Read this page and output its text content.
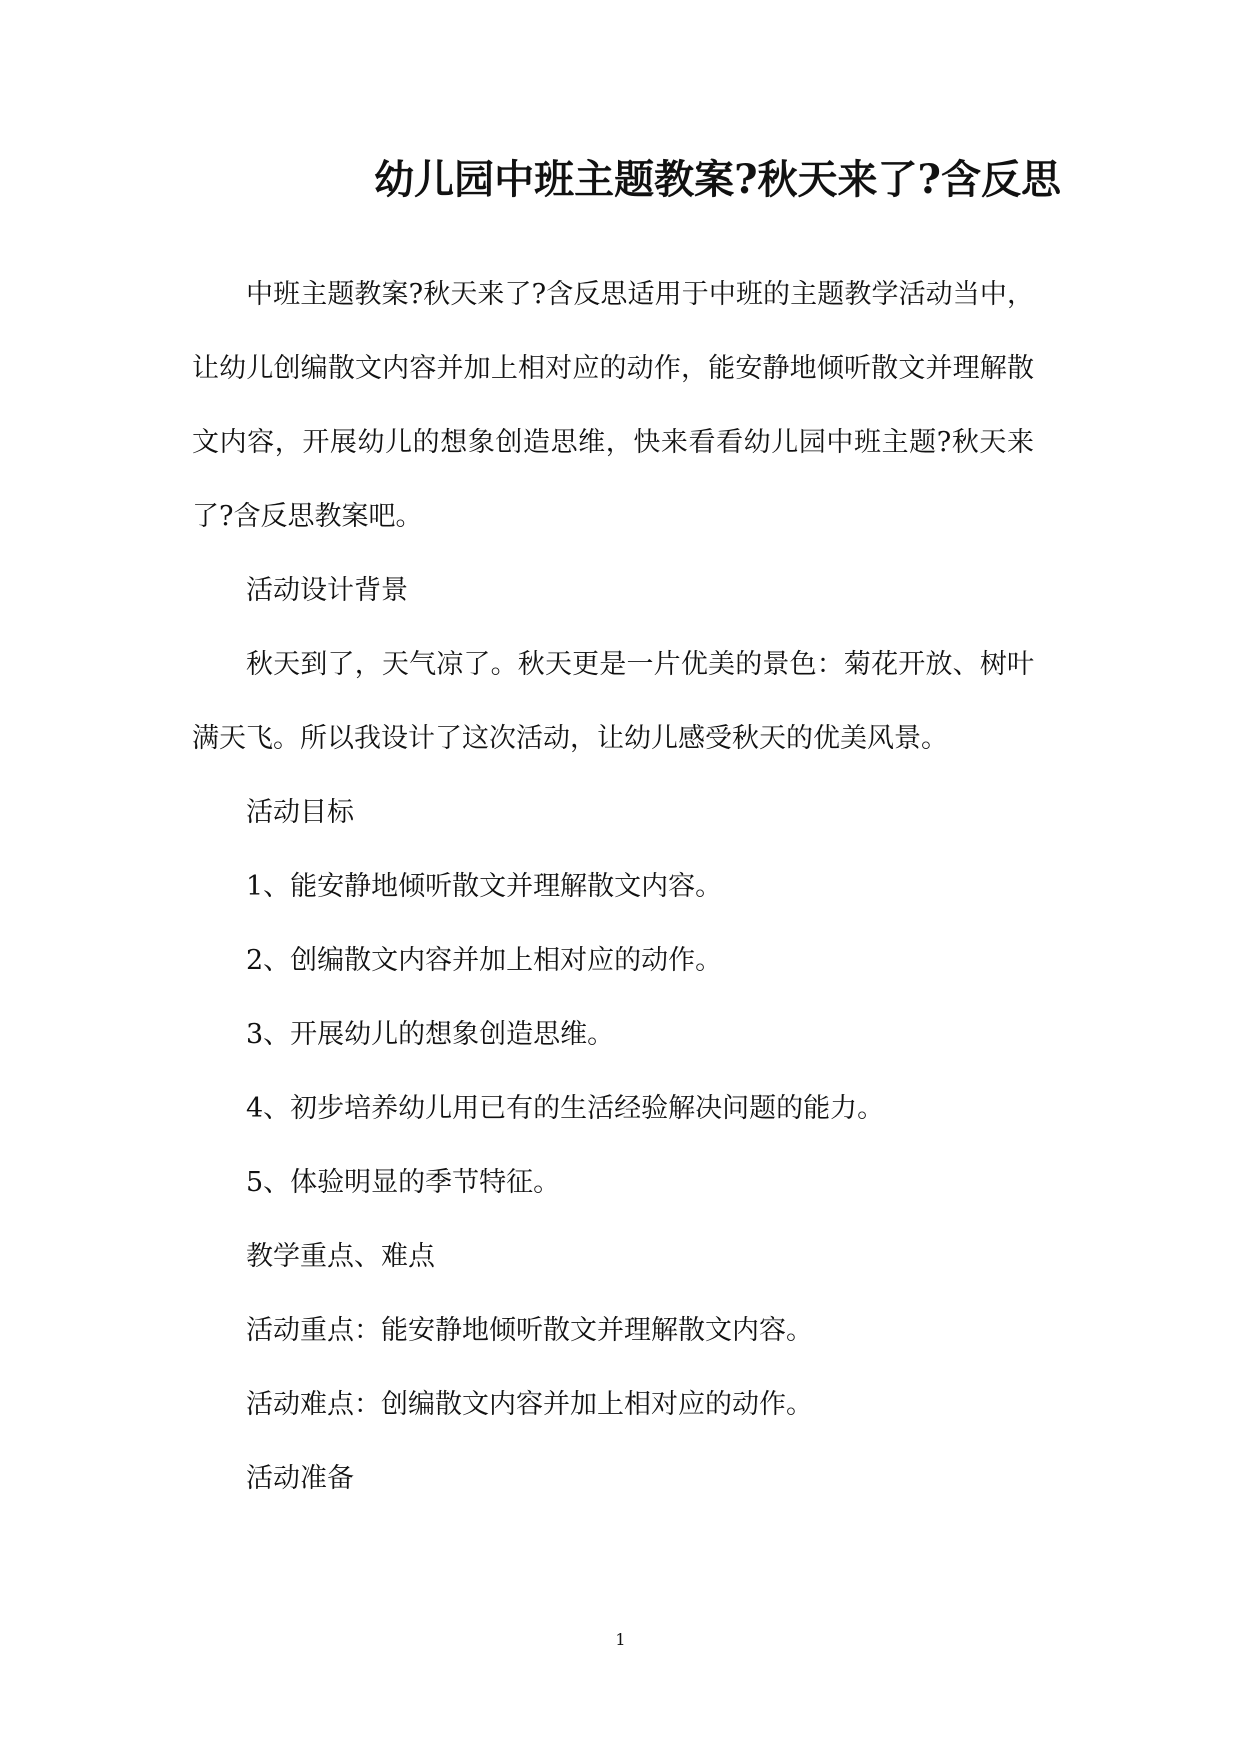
幼儿园中班主题教案?秋天来了?含反思

中班主题教案?秋天来了?含反思适用于中班的主题教学活动当中，让幼儿创编散文内容并加上相对应的动作，能安静地倾听散文并理解散文内容，开展幼儿的想象创造思维，快来看看幼儿园中班主题?秋天来了?含反思教案吧。

活动设计背景

秋天到了，天气凉了。秋天更是一片优美的景色：菊花开放、树叶满天飞。所以我设计了这次活动，让幼儿感受秋天的优美风景。

活动目标

1、能安静地倾听散文并理解散文内容。

2、创编散文内容并加上相对应的动作。

3、开展幼儿的想象创造思维。

4、初步培养幼儿用已有的生活经验解决问题的能力。

5、体验明显的季节特征。

教学重点、难点

活动重点：能安静地倾听散文并理解散文内容。

活动难点：创编散文内容并加上相对应的动作。

活动准备

1
